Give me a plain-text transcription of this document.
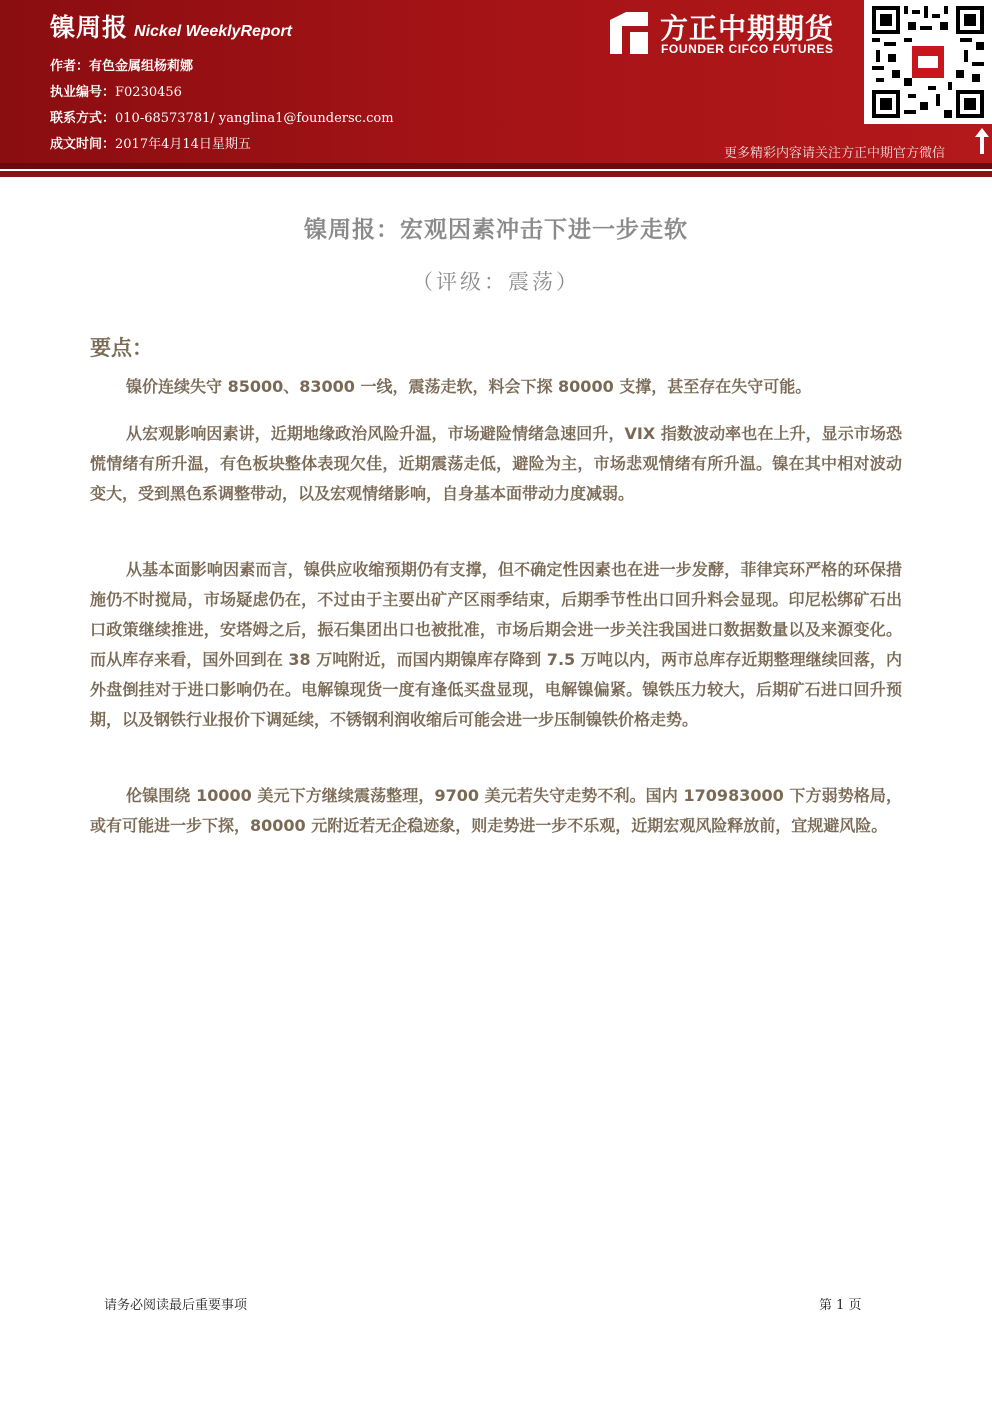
镍周报 Nickel WeeklyReport
作者：有色金属组杨莉娜
执业编号：F0230456
联系方式：010-68573781/ yanglina1@foundersc.com
成文时间：2017年4月14日星期五
方正中期期货
FOUNDER CIFCO FUTURES
更多精彩内容请关注方正中期官方微信
镍周报：宏观因素冲击下进一步走软
（评级：震荡）
要点：

镍价连续失守 85000、83000 一线，震荡走软，料会下探 80000 支撑，甚至存在失守可能。

从宏观影响因素讲，近期地缘政治风险升温，市场避险情绪急速回升，VIX 指数波动率也在上升，显示市场恐慌情绪有所升温，有色板块整体表现欠佳，近期震荡走低，避险为主，市场悲观情绪有所升温。镍在其中相对波动变大，受到黑色系调整带动，以及宏观情绪影响，自身基本面带动力度减弱。

从基本面影响因素而言，镍供应收缩预期仍有支撑，但不确定性因素也在进一步发酵，菲律宾环严格的环保措施仍不时搅局，市场疑虑仍在，不过由于主要出矿产区雨季结束，后期季节性出口回升料会显现。印尼松绑矿石出口政策继续推进，安塔姆之后，振石集团出口也被批准，市场后期会进一步关注我国进口数据数量以及来源变化。而从库存来看，国外回到在 38 万吨附近，而国内期镍库存降到 7.5 万吨以内，两市总库存近期整理继续回落，内外盘倒挂对于进口影响仍在。电解镍现货一度有逢低买盘显现，电解镍偏紧。镍铁压力较大，后期矿石进口回升预期，以及钢铁行业报价下调延续，不锈钢利润收缩后可能会进一步压制镍铁价格走势。

伦镍围绕 10000 美元下方继续震荡整理，9700 美元若失守走势不利。国内 170983000 下方弱势格局，或有可能进一步下探，80000 元附近若无企稳迹象，则走势进一步不乐观，近期宏观风险释放前，宜规避风险。

请务必阅读最后重要事项	第 1 页
